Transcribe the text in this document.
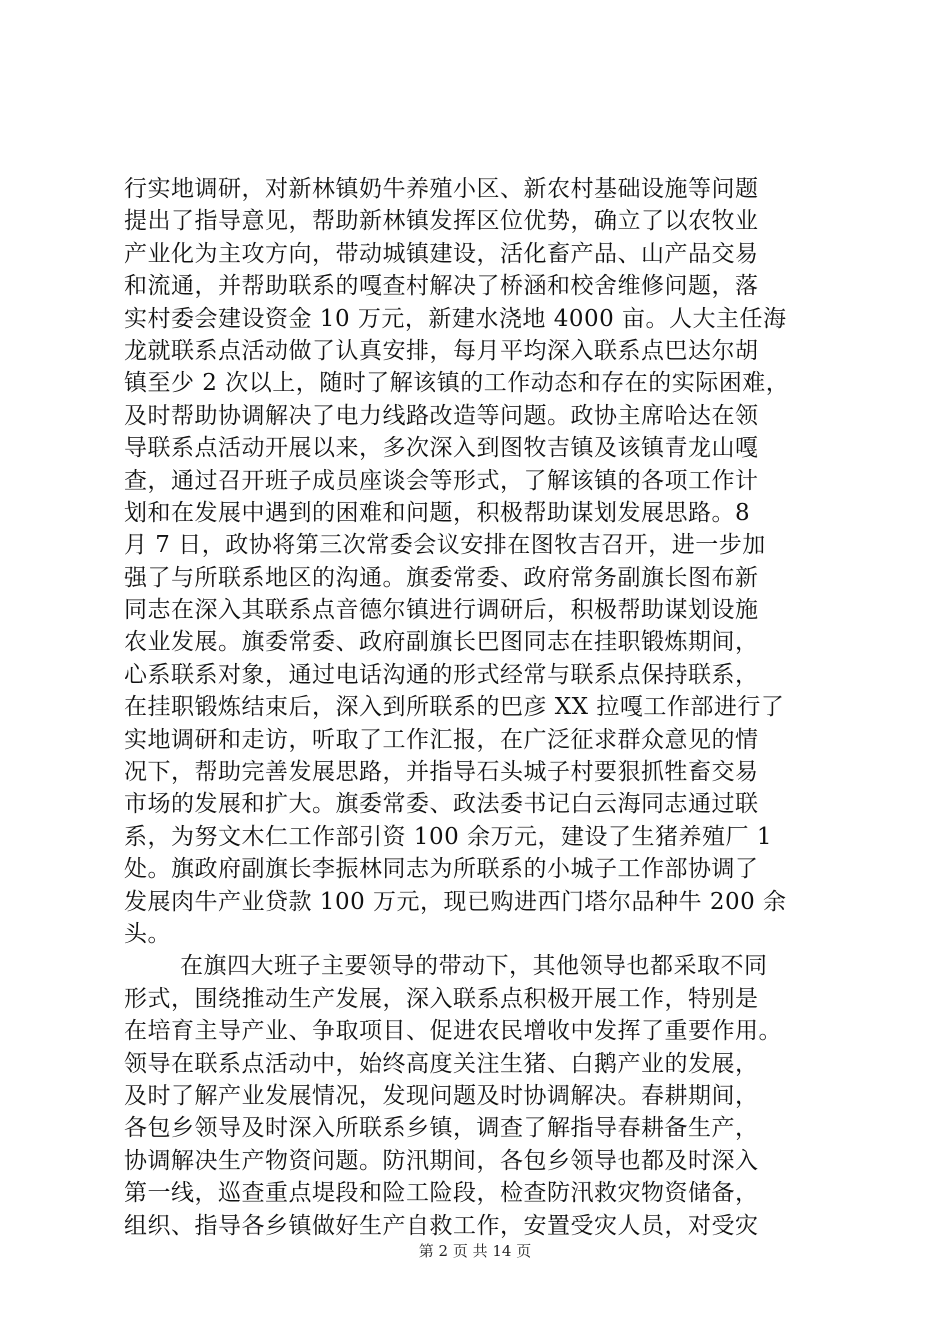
行实地调研，对新林镇奶牛养殖小区、新农村基础设施等问题
提出了指导意见，帮助新林镇发挥区位优势，确立了以农牧业
产业化为主攻方向，带动城镇建设，活化畜产品、山产品交易
和流通，并帮助联系的嘎查村解决了桥涵和校舍维修问题，落
实村委会建设资金 10 万元，新建水浇地 4000 亩。人大主任海
龙就联系点活动做了认真安排，每月平均深入联系点巴达尔胡
镇至少 2 次以上，随时了解该镇的工作动态和存在的实际困难，
及时帮助协调解决了电力线路改造等问题。政协主席哈达在领
导联系点活动开展以来，多次深入到图牧吉镇及该镇青龙山嘎
查，通过召开班子成员座谈会等形式，了解该镇的各项工作计
划和在发展中遇到的困难和问题，积极帮助谋划发展思路。8
月 7 日，政协将第三次常委会议安排在图牧吉召开，进一步加
强了与所联系地区的沟通。旗委常委、政府常务副旗长图布新
同志在深入其联系点音德尔镇进行调研后，积极帮助谋划设施
农业发展。旗委常委、政府副旗长巴图同志在挂职锻炼期间，
心系联系对象，通过电话沟通的形式经常与联系点保持联系，
在挂职锻炼结束后，深入到所联系的巴彦 XX 拉嘎工作部进行了
实地调研和走访，听取了工作汇报，在广泛征求群众意见的情
况下，帮助完善发展思路，并指导石头城子村要狠抓牲畜交易
市场的发展和扩大。旗委常委、政法委书记白云海同志通过联
系，为努文木仁工作部引资 100 余万元，建设了生猪养殖厂 1
处。旗政府副旗长李振林同志为所联系的小城子工作部协调了
发展肉牛产业贷款 100 万元，现已购进西门塔尔品种牛 200 余
头。
在旗四大班子主要领导的带动下，其他领导也都采取不同
形式，围绕推动生产发展，深入联系点积极开展工作，特别是
在培育主导产业、争取项目、促进农民增收中发挥了重要作用。
领导在联系点活动中，始终高度关注生猪、白鹅产业的发展，
及时了解产业发展情况，发现问题及时协调解决。春耕期间，
各包乡领导及时深入所联系乡镇，调查了解指导春耕备生产，
协调解决生产物资问题。防汛期间，各包乡领导也都及时深入
第一线，巡查重点堤段和险工险段，检查防汛救灾物资储备，
组织、指导各乡镇做好生产自救工作，安置受灾人员，对受灾
第 2 页 共 14 页
